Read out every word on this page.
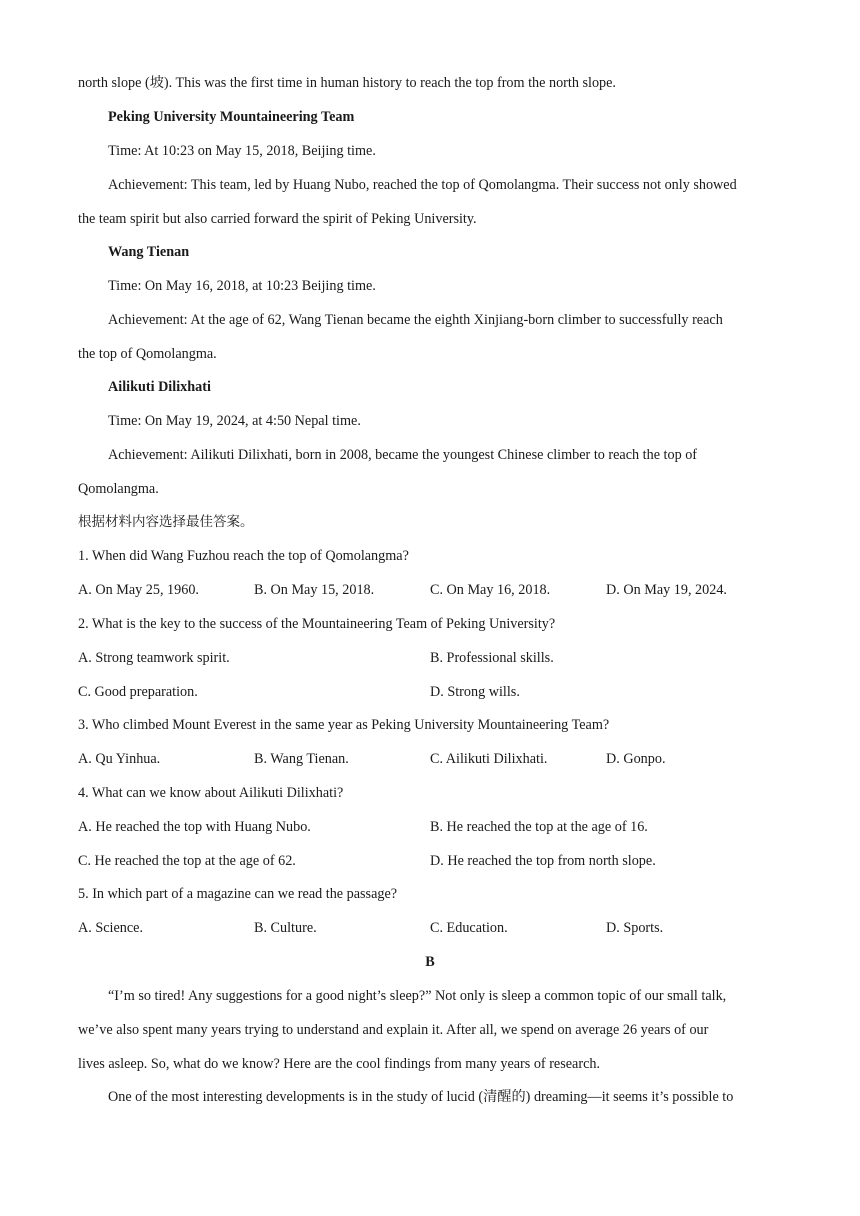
north slope (坡). This was the first time in human history to reach the top from the north slope.
Peking University Mountaineering Team
Time: At 10:23 on May 15, 2018, Beijing time.
Achievement: This team, led by Huang Nubo, reached the top of Qomolangma. Their success not only showed
the team spirit but also carried forward the spirit of Peking University.
Wang Tienan
Time: On May 16, 2018, at 10:23 Beijing time.
Achievement: At the age of 62, Wang Tienan became the eighth Xinjiang-born climber to successfully reach
the top of Qomolangma.
Ailikuti Dilixhati
Time: On May 19, 2024, at 4:50 Nepal time.
Achievement: Ailikuti Dilixhati, born in 2008, became the youngest Chinese climber to reach the top of
Qomolangma.
根据材料内容选择最佳答案。
1. When did Wang Fuzhou reach the top of Qomolangma?
A. On May 25, 1960.	B. On May 15, 2018.	C. On May 16, 2018.	D. On May 19, 2024.
2. What is the key to the success of the Mountaineering Team of Peking University?
A. Strong teamwork spirit.	B. Professional skills.
C. Good preparation.	D. Strong wills.
3. Who climbed Mount Everest in the same year as Peking University Mountaineering Team?
A. Qu Yinhua.	B. Wang Tienan.	C. Ailikuti Dilixhati.	D. Gonpo.
4. What can we know about Ailikuti Dilixhati?
A. He reached the top with Huang Nubo.	B. He reached the top at the age of 16.
C. He reached the top at the age of 62.	D. He reached the top from north slope.
5. In which part of a magazine can we read the passage?
A. Science.	B. Culture.	C. Education.	D. Sports.
B
“I’m so tired! Any suggestions for a good night’s sleep?” Not only is sleep a common topic of our small talk,
we’ve also spent many years trying to understand and explain it. After all, we spend on average 26 years of our
lives asleep. So, what do we know? Here are the cool findings from many years of research.
One of the most interesting developments is in the study of lucid (清醒的) dreaming—it seems it’s possible to
